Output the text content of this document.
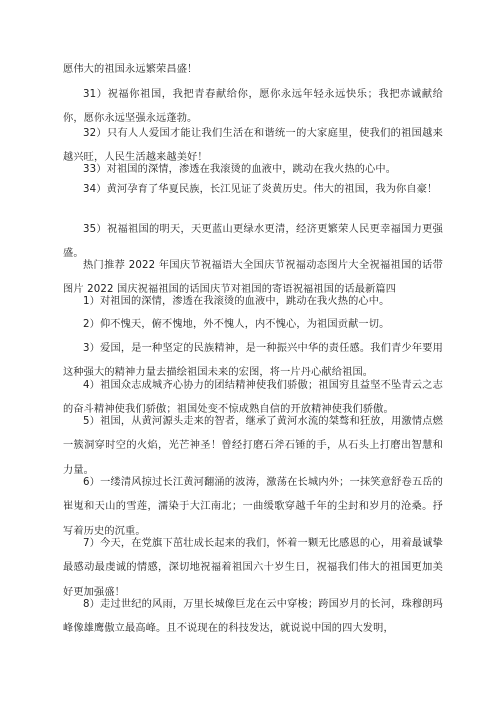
愿伟大的祖国永远繁荣昌盛！

31）祝福你祖国，我把青春献给你，愿你永远年轻永远快乐；我把赤诚献给你，愿你永远坚强永远蓬勃。

32）只有人人爱国才能让我们生活在和谐统一的大家庭里，使我们的祖国越来越兴旺，人民生活越来越美好！

33）对祖国的深情，渗透在我滚烫的血液中，跳动在我火热的心中。

34）黄河孕育了华夏民族，长江见证了炎黄历史。伟大的祖国，我为你自豪！

35）祝福祖国的明天，天更蓝山更绿水更清，经济更繁荣人民更幸福国力更强盛。

热门推荐 2022 年国庆节祝福语大全国庆节祝福动态图片大全祝福祖国的话带图片 2022 国庆祝福祖国的话国庆节对祖国的寄语祝福祖国的话最新篇四

1）对祖国的深情，渗透在我滚烫的血液中，跳动在我火热的心中。

2）仰不愧天，俯不愧地，外不愧人，内不愧心，为祖国贡献一切。

3）爱国，是一种坚定的民族精神，是一种振兴中华的责任感。我们青少年要用这种强大的精神力量去描绘祖国未来的宏图，将一片丹心献给祖国。

4）祖国众志成城齐心协力的团结精神使我们骄傲；祖国穷且益坚不坠青云之志的奋斗精神使我们骄傲；祖国处变不惊成熟自信的开放精神使我们骄傲。

5）祖国，从黄河源头走来的智者，继承了黄河水流的桀骜和狂放，用激情点燃一簇洞穿时空的火焰，光芒神圣！曾经打磨石斧石锤的手，从石头上打磨出智慧和力量。

6）一缕清风掠过长江黄河翻涌的波涛，激荡在长城内外；一抹笑意舒卷五岳的崔嵬和天山的雪莲，濡染于大江南北；一曲缓歌穿越千年的尘封和岁月的沧桑。抒写着历史的沉重。

7）今天，在党旗下茁壮成长起来的我们，怀着一颗无比感恩的心，用着最诚挚最感动最虔诚的情感，深切地祝福着祖国六十岁生日，祝福我们伟大的祖国更加美好更加强盛！

8）走过世纪的风雨，万里长城像巨龙在云中穿梭；跨国岁月的长河，珠穆朗玛峰像雄鹰傲立最高峰。且不说现在的科技发达，就说说中国的四大发明，
